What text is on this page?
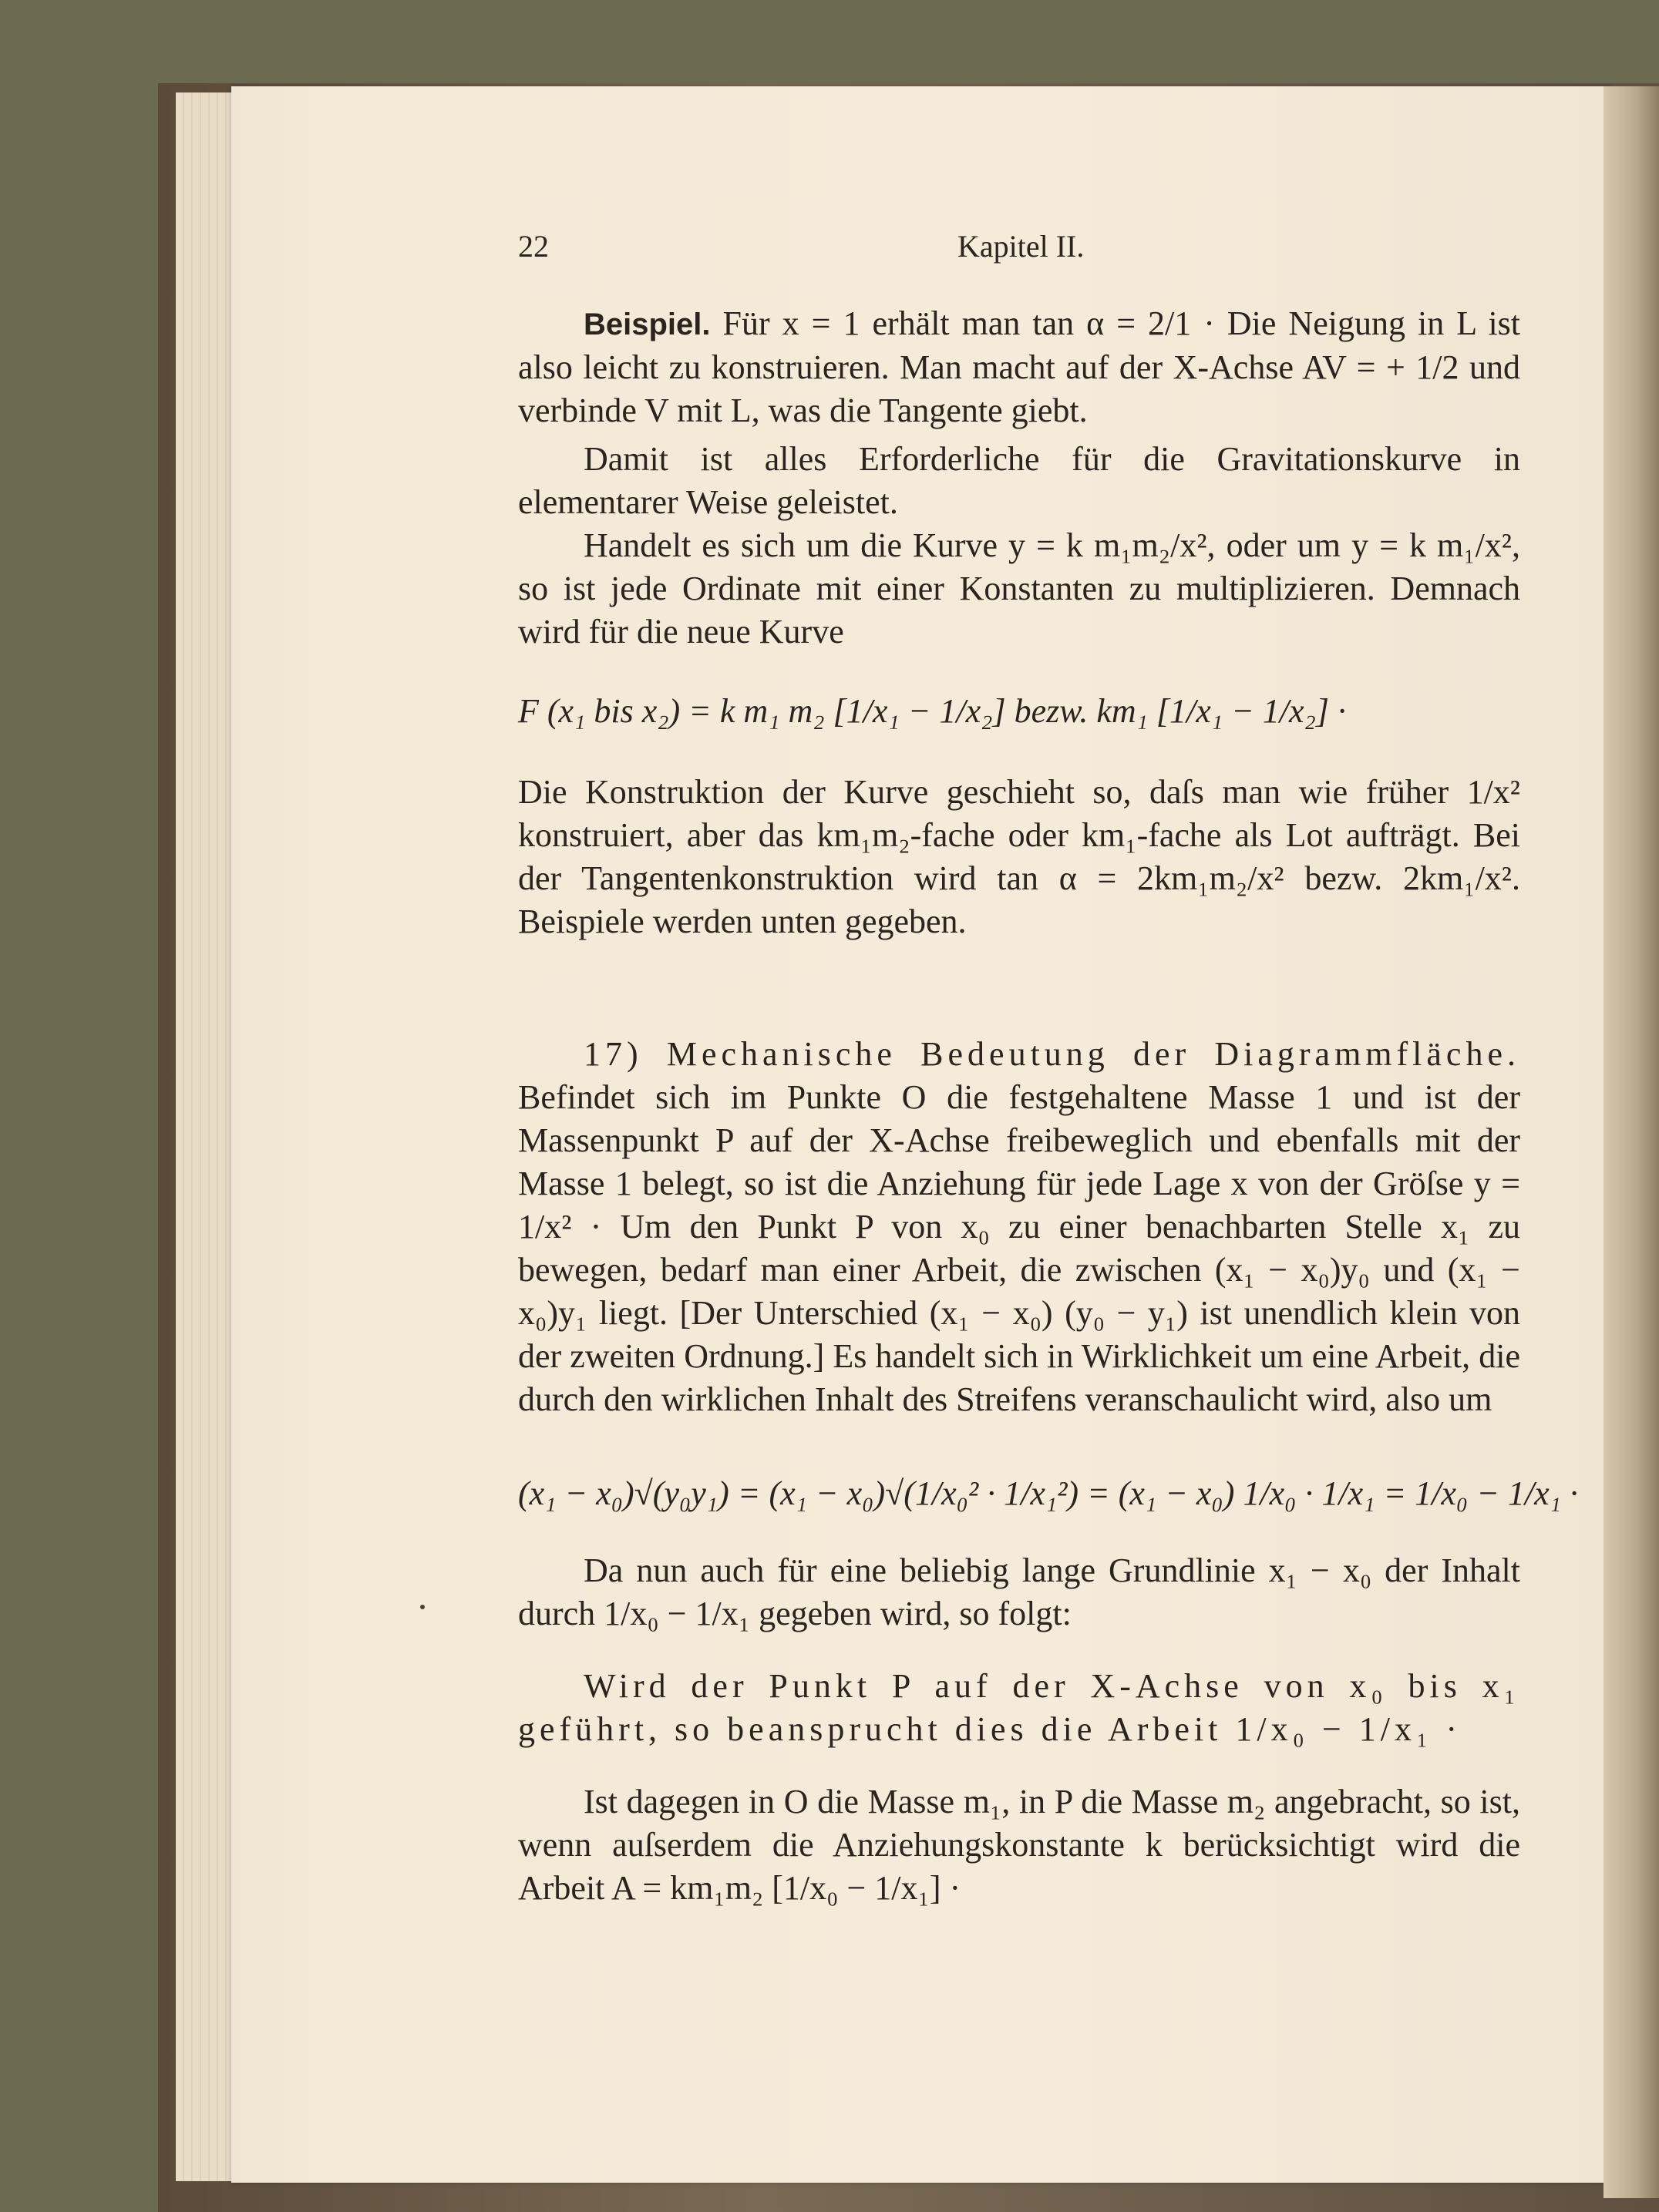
22	Kapitel II.

Beispiel. Für x = 1 erhält man tan α = 2/1 · Die Neigung in L ist also leicht zu konstruieren. Man macht auf der X-Achse AV = + 1/2 und verbinde V mit L, was die Tangente giebt.

Damit ist alles Erforderliche für die Gravitationskurve in elementarer Weise geleistet.

Handelt es sich um die Kurve y = k m₁m₂/x², oder um y = k m₁/x², so ist jede Ordinate mit einer Konstanten zu multiplizieren. Demnach wird für die neue Kurve

F (x₁ bis x₂) = k m₁ m₂ [1/x₁ − 1/x₂] bezw. km₁ [1/x₁ − 1/x₂] ·

Die Konstruktion der Kurve geschieht so, daſs man wie früher 1/x² konstruiert, aber das km₁m₂-fache oder km₁-fache als Lot aufträgt. Bei der Tangentenkonstruktion wird tan α = 2km₁m₂/x² bezw. 2km₁/x². Beispiele werden unten gegeben.

17) Mechanische Bedeutung der Diagrammfläche. Befindet sich im Punkte O die festgehaltene Masse 1 und ist der Massenpunkt P auf der X-Achse freibeweglich und ebenfalls mit der Masse 1 belegt, so ist die Anziehung für jede Lage x von der Gröſse y = 1/x² · Um den Punkt P von x₀ zu einer benachbarten Stelle x₁ zu bewegen, bedarf man einer Arbeit, die zwischen (x₁ − x₀)y₀ und (x₁ − x₀)y₁ liegt. [Der Unterschied (x₁ − x₀) (y₀ − y₁) ist unendlich klein von der zweiten Ordnung.] Es handelt sich in Wirklichkeit um eine Arbeit, die durch den wirklichen Inhalt des Streifens veranschaulicht wird, also um

(x₁ − x₀)√(y₀y₁) = (x₁ − x₀)√(1/x₀² · 1/x₁²) = (x₁ − x₀) 1/x₀ · 1/x₁ = 1/x₀ − 1/x₁ ·

Da nun auch für eine beliebig lange Grundlinie x₁ − x₀ der Inhalt durch 1/x₀ − 1/x₁ gegeben wird, so folgt:

Wird der Punkt P auf der X-Achse von x₀ bis x₁ geführt, so beansprucht dies die Arbeit 1/x₀ − 1/x₁ ·

Ist dagegen in O die Masse m₁, in P die Masse m₂ angebracht, so ist, wenn auſserdem die Anziehungskonstante k berücksichtigt wird die Arbeit A = km₁m₂ [1/x₀ − 1/x₁] ·
